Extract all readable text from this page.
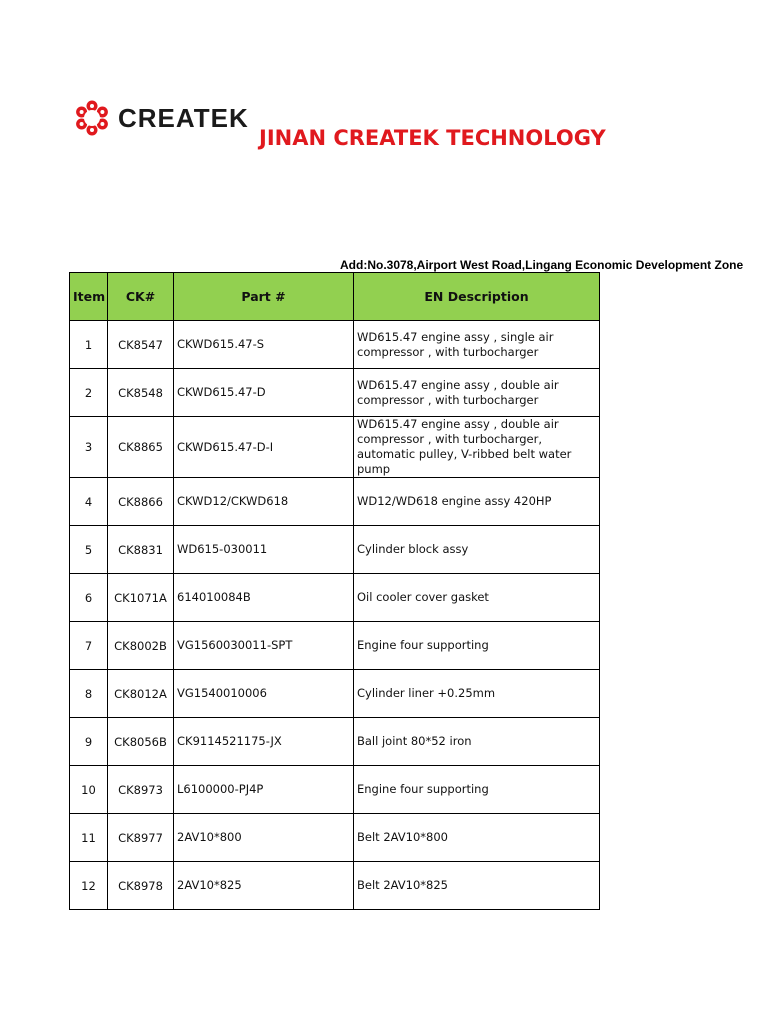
CREATEK
JINAN CREATEK TECHNOLOGY
Add:No.3078,Airport West Road,Lingang Economic Development Zone
Item	CK#	Part #	EN Description
1	CK8547	CKWD615.47-S	WD615.47 engine assy , single air compressor , with turbocharger
2	CK8548	CKWD615.47-D	WD615.47 engine assy , double air compressor , with turbocharger
3	CK8865	CKWD615.47-D-I	WD615.47 engine assy , double air compressor , with turbocharger, automatic pulley, V-ribbed belt water pump
4	CK8866	CKWD12/CKWD618	WD12/WD618 engine assy 420HP
5	CK8831	WD615-030011	Cylinder block assy
6	CK1071A	614010084B	Oil cooler cover gasket
7	CK8002B	VG1560030011-SPT	Engine four supporting
8	CK8012A	VG1540010006	Cylinder liner +0.25mm
9	CK8056B	CK9114521175-JX	Ball joint 80*52 iron
10	CK8973	L6100000-PJ4P	Engine four supporting
11	CK8977	2AV10*800	Belt 2AV10*800
12	CK8978	2AV10*825	Belt 2AV10*825
